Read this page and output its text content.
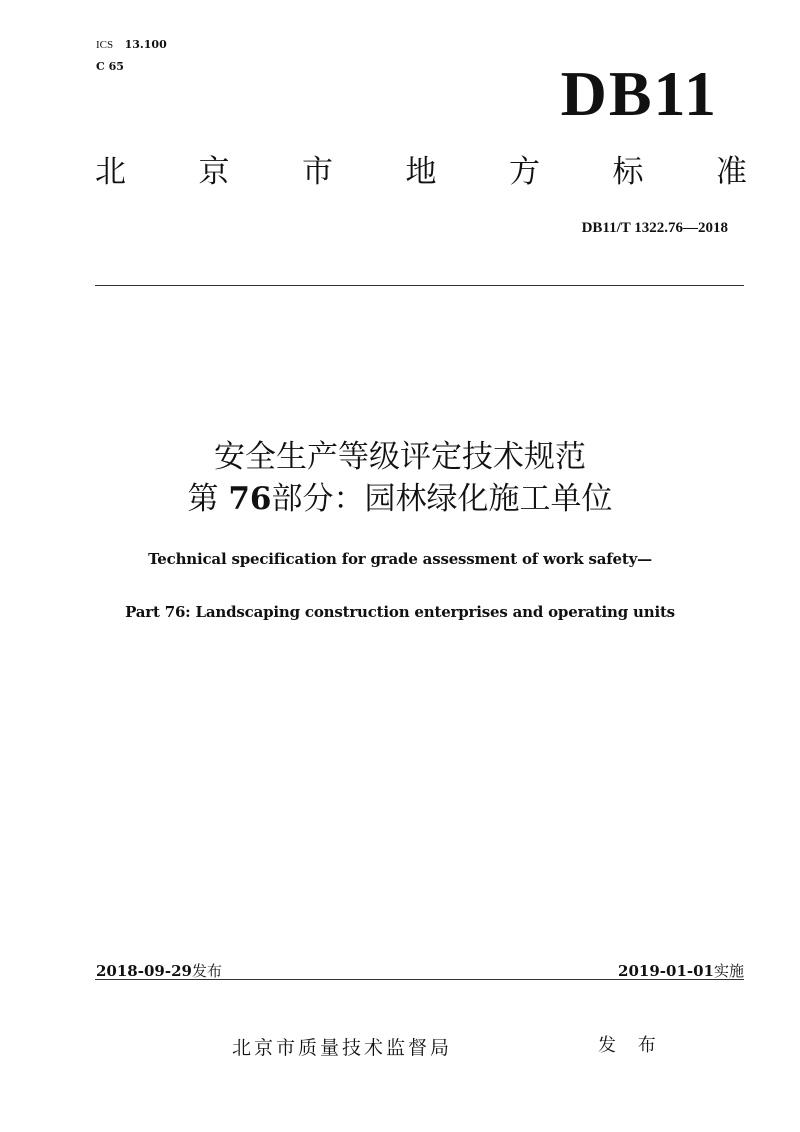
ICS 13.100
C 65	DB11
北 京 市 地 方 标 准
DB11/T 1322.76—2018
安全生产等级评定技术规范
第 76部分：园林绿化施工单位
Technical specification for grade assessment of work safety—
Part 76: Landscaping construction enterprises and operating units
2018-09-29发布	2019-01-01实施
北京市质量技术监督局	发 布
